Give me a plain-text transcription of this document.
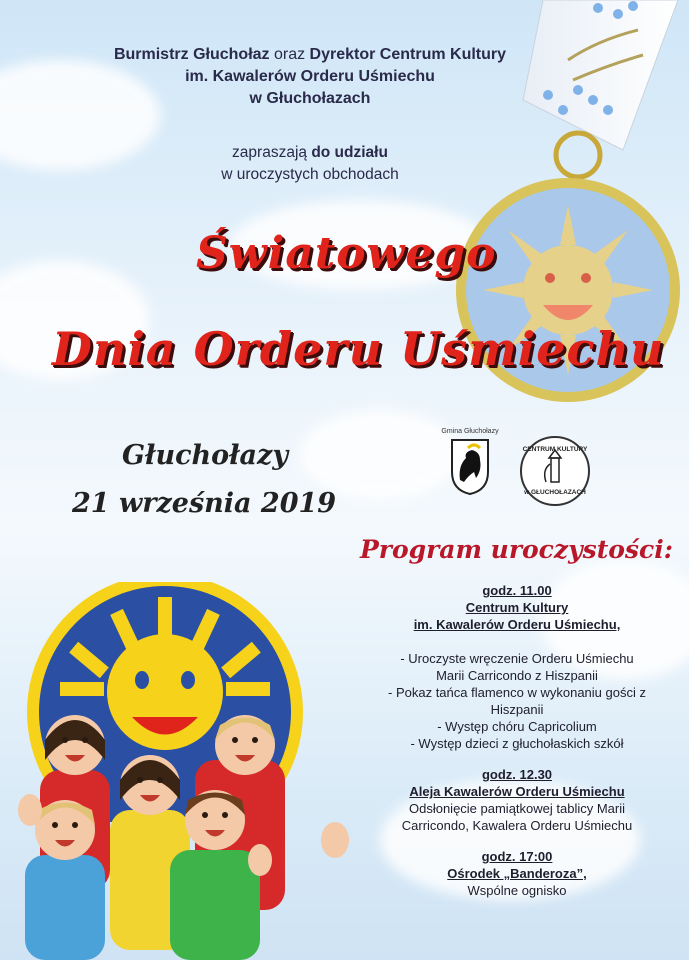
Burmistrz Głuchołaz oraz Dyrektor Centrum Kultury
im. Kawalerów Orderu Uśmiechu
w Głuchołazach
zapraszają do udziału
w uroczystych obchodach
Światowego
Dnia Orderu Uśmiechu
Głuchołazy
21 września 2019
Gmina Głuchołazy
CENTRUM KULTURY
w GŁUCHOŁAZACH
Program uroczystości:
godz. 11.00
Centrum Kultury
im. Kawalerów Orderu Uśmiechu,
- Uroczyste wręczenie Orderu Uśmiechu
Marii Carricondo z Hiszpanii
- Pokaz tańca flamenco w wykonaniu gości z
Hiszpanii
- Występ chóru Capricolium
- Występ dzieci z głuchołaskich szkół
godz. 12.30
Aleja Kawalerów Orderu Uśmiechu
Odsłonięcie pamiątkowej tablicy Marii
Carricondo, Kawalera Orderu Uśmiechu
godz. 17:00
Ośrodek „Banderoza”,
Wspólne ognisko
